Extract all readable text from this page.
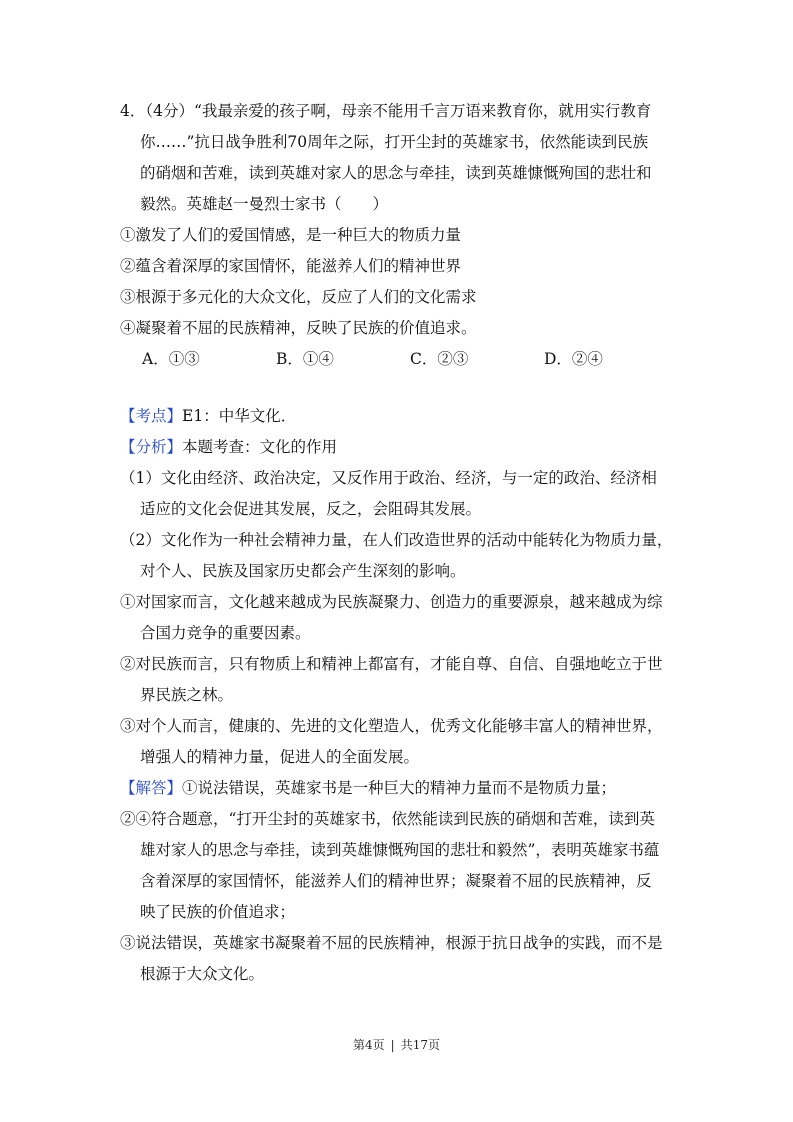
4．（4分）“我最亲爱的孩子啊，母亲不能用千言万语来教育你，就用实行教育
你……”抗日战争胜利70周年之际，打开尘封的英雄家书，依然能读到民族
的硝烟和苦难，读到英雄对家人的思念与牵挂，读到英雄慷慨殉国的悲壮和
毅然。英雄赵一曼烈士家书（　　）
①激发了人们的爱国情感，是一种巨大的物质力量
②蕴含着深厚的家国情怀，能滋养人们的精神世界
③根源于多元化的大众文化，反应了人们的文化需求
④凝聚着不屈的民族精神，反映了民族的价值追求。
A．①③	B．①④	C．②③	D．②④
【考点】E1：中华文化．
【分析】本题考查：文化的作用
（1）文化由经济、政治决定，又反作用于政治、经济，与一定的政治、经济相
适应的文化会促进其发展，反之，会阻碍其发展。
（2）文化作为一种社会精神力量，在人们改造世界的活动中能转化为物质力量，
对个人、民族及国家历史都会产生深刻的影响。
①对国家而言，文化越来越成为民族凝聚力、创造力的重要源泉，越来越成为综
合国力竞争的重要因素。
②对民族而言，只有物质上和精神上都富有，才能自尊、自信、自强地屹立于世
界民族之林。
③对个人而言，健康的、先进的文化塑造人，优秀文化能够丰富人的精神世界，
增强人的精神力量，促进人的全面发展。
【解答】①说法错误，英雄家书是一种巨大的精神力量而不是物质力量；
②④符合题意，“打开尘封的英雄家书，依然能读到民族的硝烟和苦难，读到英
雄对家人的思念与牵挂，读到英雄慷慨殉国的悲壮和毅然”，表明英雄家书蕴
含着深厚的家国情怀，能滋养人们的精神世界；凝聚着不屈的民族精神，反
映了民族的价值追求；
③说法错误，英雄家书凝聚着不屈的民族精神，根源于抗日战争的实践，而不是
根源于大众文化。
第4页 | 共17页
